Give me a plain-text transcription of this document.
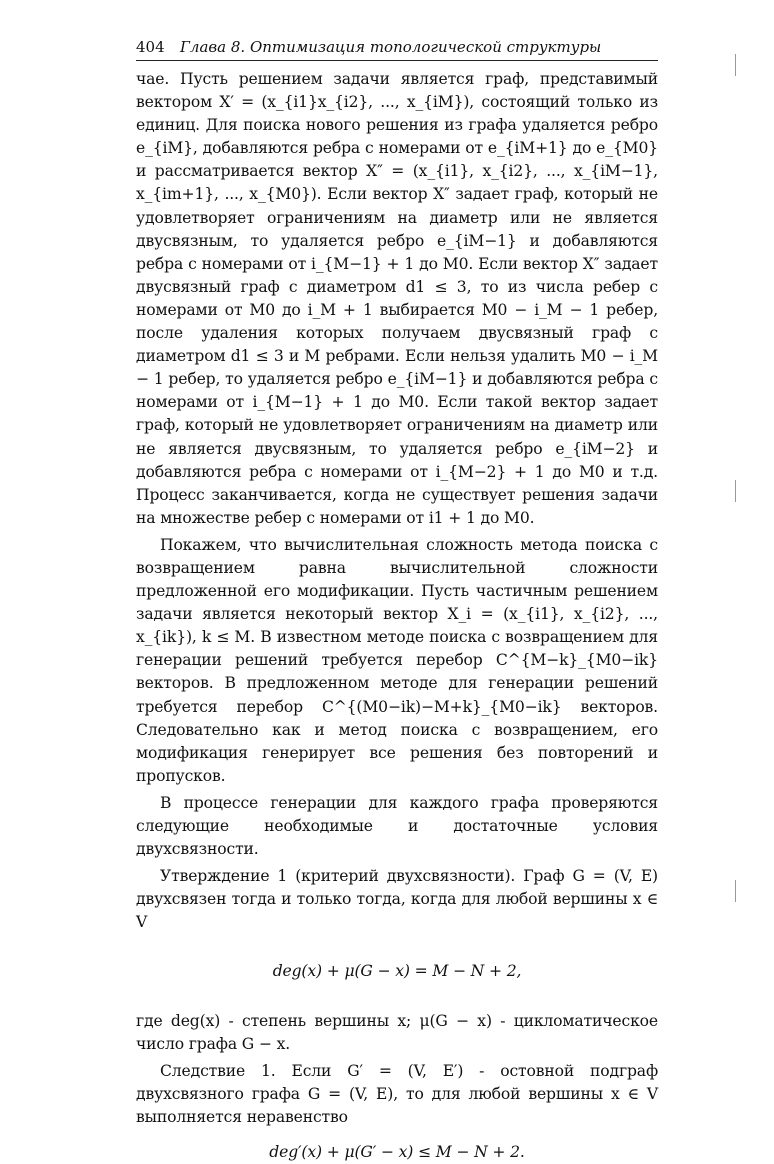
404 Глава 8. Оптимизация топологической структуры

чае. Пусть решением задачи является граф, представимый вектором X′ = (x_{i1}x_{i2}, ..., x_{iM}), состоящий только из единиц. Для поиска нового решения из графа удаляется ребро e_{iM}, добавляются ребра с номерами от e_{iM+1} до e_{M0} и рассматривается вектор X″ = (x_{i1}, x_{i2}, ..., x_{iM−1}, x_{im+1}, ..., x_{M0}). Если вектор X″ задает граф, который не удовлетворяет ограничениям на диаметр или не является двусвязным, то удаляется ребро e_{iM−1} и добавляются ребра с номерами от i_{M−1} + 1 до M0. Если вектор X″ задает двусвязный граф с диаметром d1 ≤ 3, то из числа ребер с номерами от M0 до i_M + 1 выбирается M0 − i_M − 1 ребер, после удаления которых получаем двусвязный граф с диаметром d1 ≤ 3 и M ребрами. Если нельзя удалить M0 − i_M − 1 ребер, то удаляется ребро e_{iM−1} и добавляются ребра с номерами от i_{M−1} + 1 до M0. Если такой вектор задает граф, который не удовлетворяет ограничениям на диаметр или не является двусвязным, то удаляется ребро e_{iM−2} и добавляются ребра с номерами от i_{M−2} + 1 до M0 и т.д. Процесс заканчивается, когда не существует решения задачи на множестве ребер с номерами от i1 + 1 до M0.

Покажем, что вычислительная сложность метода поиска с возвращением равна вычислительной сложности предложенной его модификации. Пусть частичным решением задачи является некоторый вектор X_i = (x_{i1}, x_{i2}, ..., x_{ik}), k ≤ M. В известном методе поиска с возвращением для генерации решений требуется перебор C^{M−k}_{M0−ik} векторов. В предложенном методе для генерации решений требуется перебор C^{(M0−ik)−M+k}_{M0−ik} векторов. Следовательно как и метод поиска с возвращением, его модификация генерирует все решения без повторений и пропусков.

В процессе генерации для каждого графа проверяются следующие необходимые и достаточные условия двухсвязности.

Утверждение 1 (критерий двухсвязности). Граф G = (V, E) двухсвязен тогда и только тогда, когда для любой вершины x ∈ V

deg(x) + μ(G − x) = M − N + 2,

где deg(x) - степень вершины x; μ(G − x) - цикломатическое число графа G − x.

Следствие 1. Если G′ = (V, E′) - остовной подграф двухсвязного графа G = (V, E), то для любой вершины x ∈ V выполняется неравенство

deg′(x) + μ(G′ − x) ≤ M − N + 2.
